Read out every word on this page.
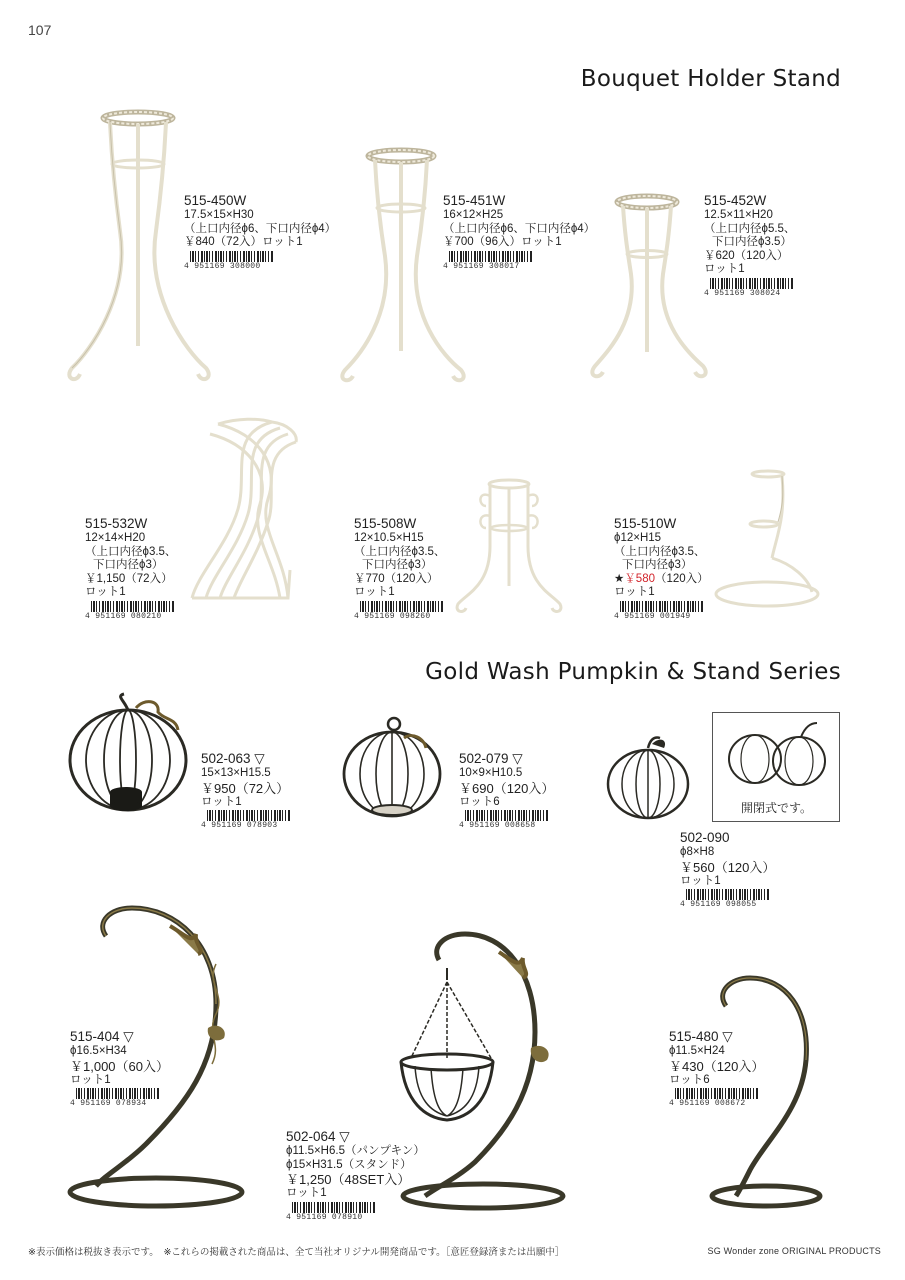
107
Bouquet Holder Stand
Gold Wash Pumpkin & Stand Series
515-450W
17.5×15×H30
（上口内径ϕ6、下口内径ϕ4）
￥840（72入）ロット1
4 951169 308000
515-451W
16×12×H25
（上口内径ϕ6、下口内径ϕ4）
￥700（96入）ロット1
4 951169 308017
515-452W
12.5×11×H20
（上口内径ϕ5.5、
下口内径ϕ3.5）
￥620（120入）
ロット1
4 951169 308024
515-532W
12×14×H20
（上口内径ϕ3.5、
下口内径ϕ3）
￥1,150（72入）
ロット1
4 951169 080210
515-508W
12×10.5×H15
（上口内径ϕ3.5、
下口内径ϕ3）
￥770（120入）
ロット1
4 951169 098260
515-510W
ϕ12×H15
（上口内径ϕ3.5、
下口内径ϕ3）
★￥580（120入）
ロット1
4 951169 001949
502-063 ▽
15×13×H15.5
￥950（72入）
ロット1
4 951169 078903
502-079 ▽
10×9×H10.5
￥690（120入）
ロット6
4 951169 008658
開閉式です。
502-090
ϕ8×H8
￥560（120入）
ロット1
4 951169 098055
515-404 ▽
ϕ16.5×H34
￥1,000（60入）
ロット1
4 951169 078934
502-064 ▽
ϕ11.5×H6.5（パンプキン）
ϕ15×H31.5（スタンド）
￥1,250（48SET入）
ロット1
4 951169 078910
515-480 ▽
ϕ11.5×H24
￥430（120入）
ロット6
4 951169 008672
※表示価格は税抜き表示です。　※これらの掲載された商品は、全て当社オリジナル開発商品です。［意匠登録済または出願中］	SG Wonder zone ORIGINAL PRODUCTS
